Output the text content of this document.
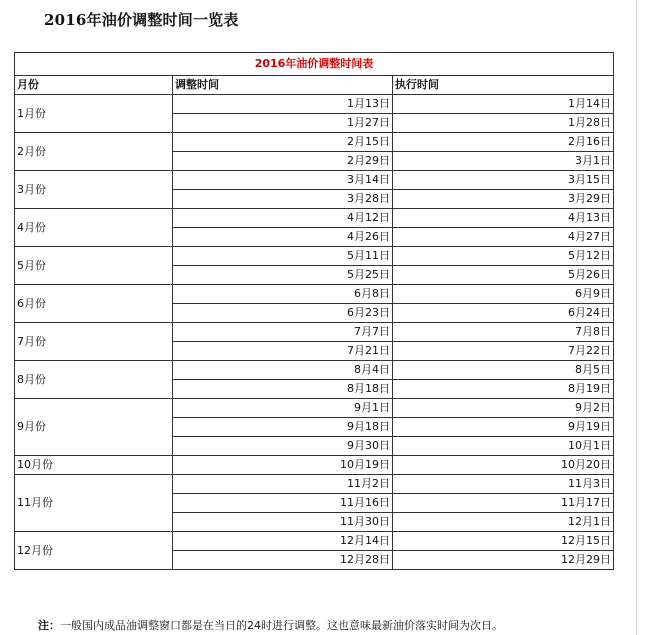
2016年油价调整时间一览表
2016年油价调整时间表		
月份	调整时间	执行时间
1月份	1月13日	1月14日
	1月27日	1月28日
2月份	2月15日	2月16日
	2月29日	3月1日
3月份	3月14日	3月15日
	3月28日	3月29日
4月份	4月12日	4月13日
	4月26日	4月27日
5月份	5月11日	5月12日
	5月25日	5月26日
6月份	6月8日	6月9日
	6月23日	6月24日
7月份	7月7日	7月8日
	7月21日	7月22日
8月份	8月4日	8月5日
	8月18日	8月19日
9月份	9月1日	9月2日
	9月18日	9月19日
	9月30日	10月1日
10月份	10月19日	10月20日
11月份	11月2日	11月3日
	11月16日	11月17日
	11月30日	12月1日
12月份	12月14日	12月15日
	12月28日	12月29日
注：一般国内成品油调整窗口都是在当日的24时进行调整。这也意味最新油价落实时间为次日。
